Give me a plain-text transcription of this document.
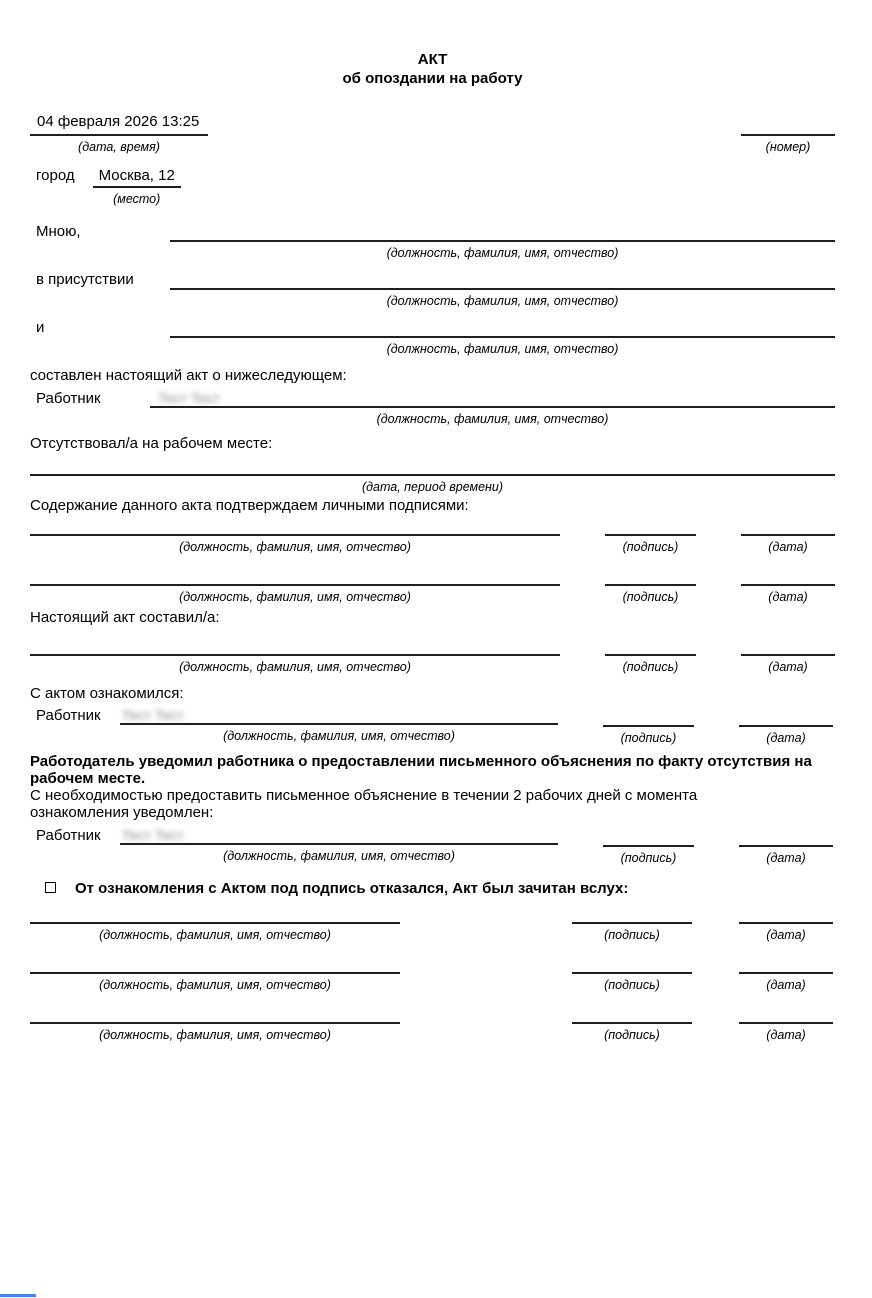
АКТ
об опоздании на работу
04 февраля 2026 13:25
(дата, время)	(номер)
город	Москва, 12
(место)
Мною,
(должность, фамилия, имя, отчество)
в присутствии
(должность, фамилия, имя, отчество)
и
(должность, фамилия, имя, отчество)
составлен настоящий акт о нижеследующем:
Работник	Тест Тест
(должность, фамилия, имя, отчество)
Отсутствовал/а на рабочем месте:
(дата, период времени)
Содержание данного акта подтверждаем личными подписями:
(должность, фамилия, имя, отчество)	(подпись)	(дата)
(должность, фамилия, имя, отчество)	(подпись)	(дата)
Настоящий акт составил/а:
(должность, фамилия, имя, отчество)	(подпись)	(дата)
С актом ознакомился:
Работник	Тест Тест
(должность, фамилия, имя, отчество)	(подпись)	(дата)
Работодатель уведомил работника о предоставлении письменного объяснения по факту отсутствия на рабочем месте.
С необходимостью предоставить письменное объяснение в течении 2 рабочих дней с момента ознакомления уведомлен:
Работник	Тест Тест
(должность, фамилия, имя, отчество)	(подпись)	(дата)
От ознакомления с Актом под подпись отказался, Акт был зачитан вслух:
(должность, фамилия, имя, отчество)	(подпись)	(дата)
(должность, фамилия, имя, отчество)	(подпись)	(дата)
(должность, фамилия, имя, отчество)	(подпись)	(дата)
